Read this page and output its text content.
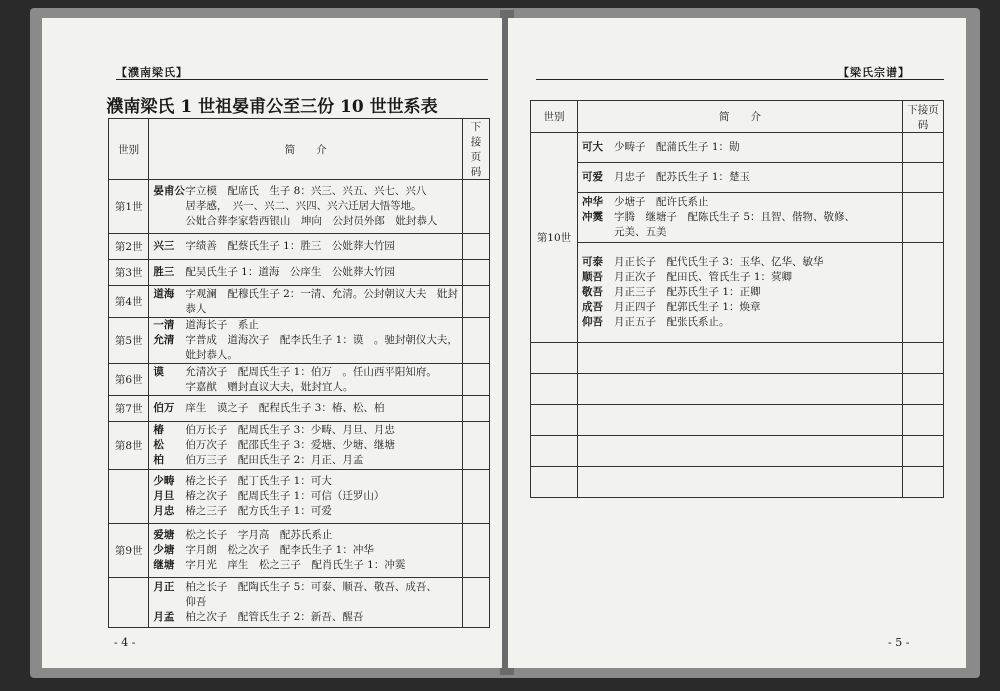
【濮南梁氏】
濮南梁氏 1 世祖晏甫公至三份 10 世世系表
世别	简　　介	下接页码
第1世	晏甫公字立模　配席氏　生子 8：兴三、兴五、兴七、兴八
居孝感，　兴一、兴二、兴四、兴六迁居大悟等地。
公妣合葬李家砦西银山　坤向　公封员外郎　妣封恭人	

第2世	兴三 字绩善　配蔡氏生子 1：胜三　公妣葬大竹园	

第3世	胜三 配吴氏生子 1：道海　公庠生　公妣葬大竹园	

第4世	道海 字观澜　配穆氏生子 2：一清、允清。公封朝议大夫　妣封
恭人	

第5世	一清 道海长子　系止
允清 字普成　道海次子　配李氏生子 1：谟　。驰封朝仪大夫，
妣封恭人。	

第6世	谟 允清次子　配周氏生子 1：伯万　。任山西平阳知府。
字嘉猷　赠封直议大夫，妣封宜人。	

第7世	伯万 庠生　谟之子　配程氏生子 3：椿、松、柏	

第8世	椿 伯万长子　配周氏生子 3：少畴、月旦、月忠
松 伯万次子　配邵氏生子 3：爱塘、少塘、继塘
柏 伯万三子　配田氏生子 2：月正、月孟	

	少畴 椿之长子　配丁氏生子 1：可大
月旦 椿之次子　配周氏生子 1：可信（迁罗山）
月忠 椿之三子　配方氏生子 1：可爱	

第9世	爱塘 松之长子　字月高　配苏氏系止
少塘 字月朗　松之次子　配李氏生子 1：冲华
继塘 字月光　庠生　松之三子　配肖氏生子 1：冲霙	

	月正 柏之长子　配陶氏生子 5：可泰、顺吾、敬吾、成吾、
仰吾
月孟 柏之次子　配管氏生子 2：新吾、醒吾	

- 4 -
【梁氏宗谱】
世别	简　　介	下接页码
第10世	可大 少畴子　配蒲氏生子 1：勋	

	可爱 月忠子　配苏氏生子 1：楚玉	

	冲华 少塘子　配许氏系止
冲霙 字腾　继塘子　配陈氏生子 5：且智、偕物、敬修、
元美、五美	

	可泰 月正长子　配代氏生子 3：玉华、亿华、敏华
顺吾 月正次子　配田氏、管氏生子 1：蓂卿
敬吾 月正三子　配苏氏生子 1：正卿
成吾 月正四子　配郭氏生子 1：焕章
仰吾 月正五子　配张氏系止。	

- 5 -
